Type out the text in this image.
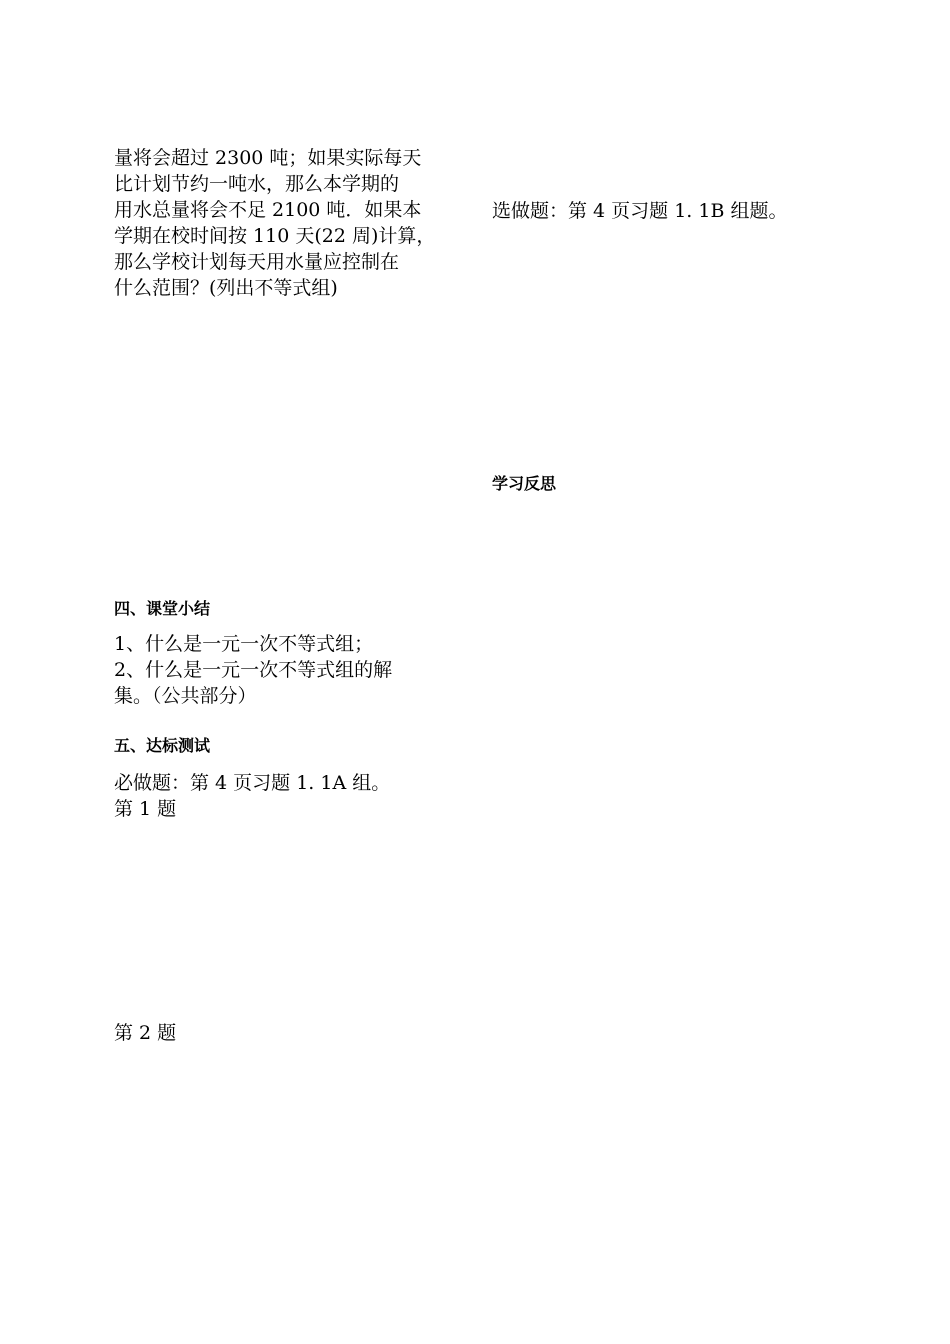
量将会超过 2300 吨；如果实际每天

比计划节约一吨水，那么本学期的

用水总量将会不足 2100 吨．如果本

学期在校时间按 110 天(22 周)计算，

那么学校计划每天用水量应控制在

什么范围？(列出不等式组)

选做题：第 4 页习题 1. 1B 组题。

学习反思
四、课堂小结

1、什么是一元一次不等式组；

2、什么是一元一次不等式组的解

集。（公共部分）

五、达标测试

必做题：第 4 页习题 1. 1A 组。

第 1 题

第 2 题
